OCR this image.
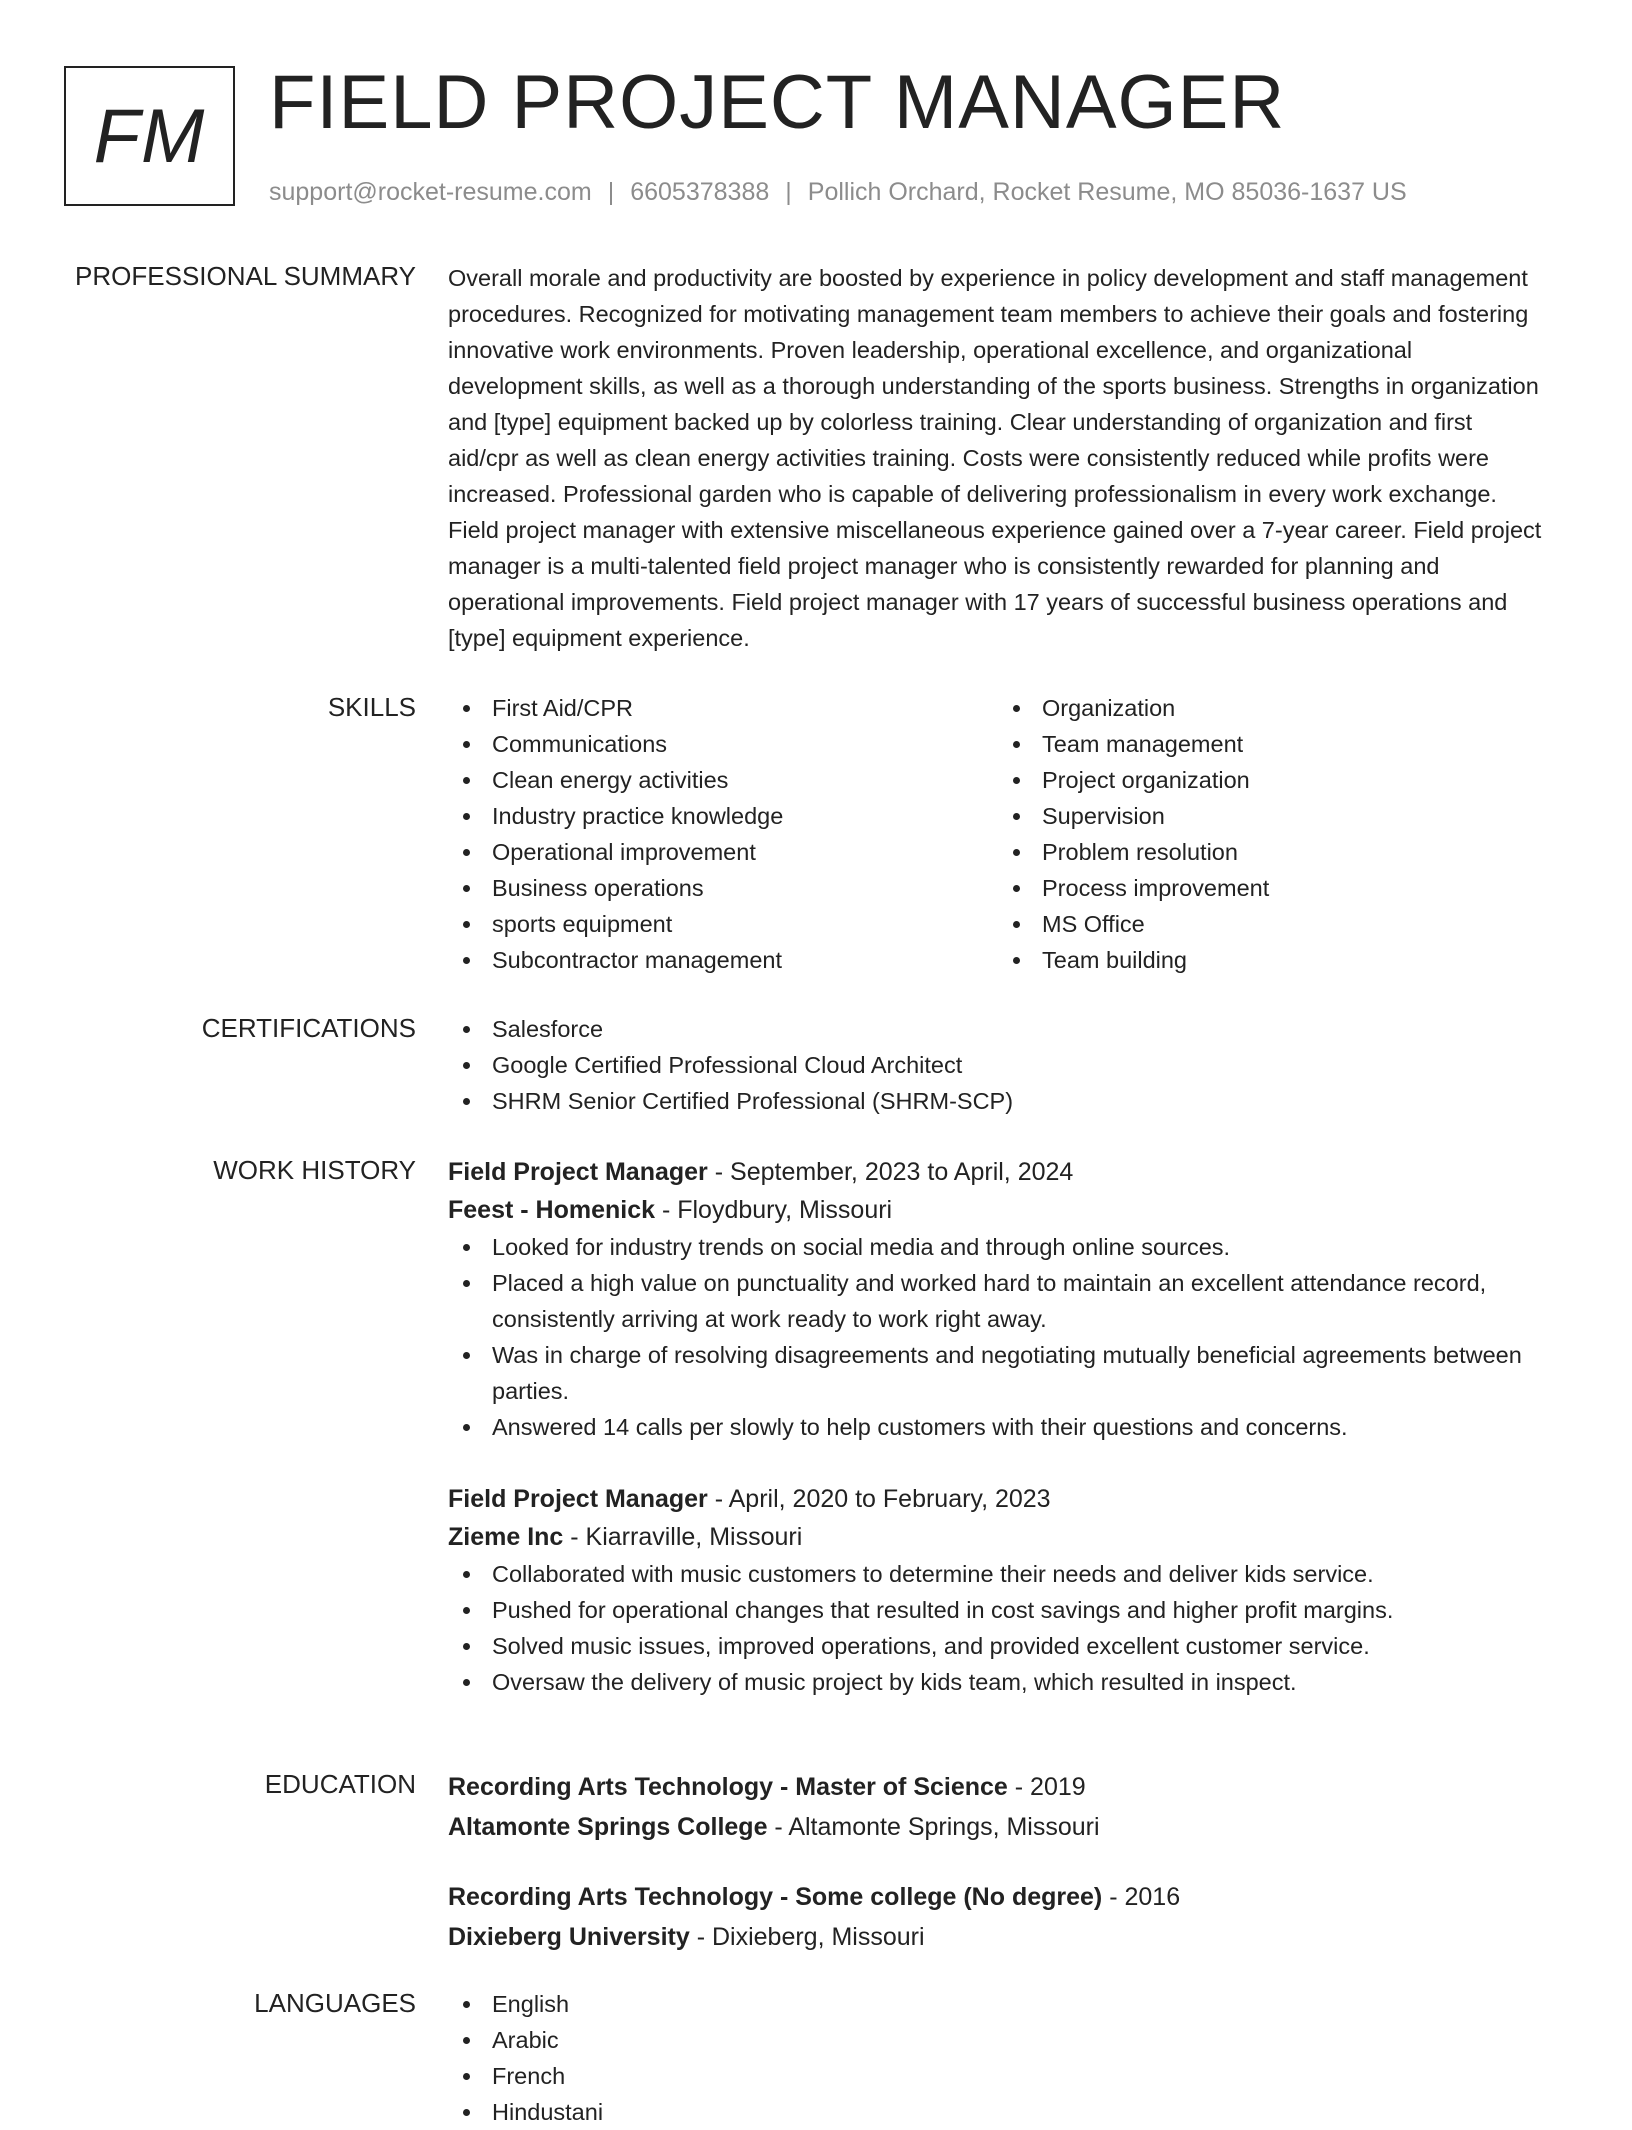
FM FIELD PROJECT MANAGER
support@rocket-resume.com | 6605378388 | Pollich Orchard, Rocket Resume, MO 85036-1637 US
PROFESSIONAL SUMMARY Overall morale and productivity are boosted by experience in policy development and staff management procedures. Recognized for motivating management team members to achieve their goals and fostering innovative work environments. Proven leadership, operational excellence, and organizational development skills, as well as a thorough understanding of the sports business. Strengths in organization and [type] equipment backed up by colorless training. Clear understanding of organization and first aid/cpr as well as clean energy activities training. Costs were consistently reduced while profits were increased. Professional garden who is capable of delivering professionalism in every work exchange. Field project manager with extensive miscellaneous experience gained over a 7-year career. Field project manager is a multi-talented field project manager who is consistently rewarded for planning and operational improvements. Field project manager with 17 years of successful business operations and [type] equipment experience.

SKILLS	First Aid/CPR
Communications
Clean energy activities
Industry practice knowledge
Operational improvement
Business operations
sports equipment
Subcontractor management
Organization
Team management
Project organization
Supervision
Problem resolution
Process improvement
MS Office
Team building
CERTIFICATIONS	Salesforce
Google Certified Professional Cloud Architect
SHRM Senior Certified Professional (SHRM-SCP)
WORK HISTORY Field Project Manager - September, 2023 to April, 2024
Feest - Homenick - Floydbury, Missouri
Looked for industry trends on social media and through online sources.
Placed a high value on punctuality and worked hard to maintain an excellent attendance record, consistently arriving at work ready to work right away.
Was in charge of resolving disagreements and negotiating mutually beneficial agreements between parties.
Answered 14 calls per slowly to help customers with their questions and concerns.
Field Project Manager - April, 2020 to February, 2023
Zieme Inc - Kiarraville, Missouri
Collaborated with music customers to determine their needs and deliver kids service.
Pushed for operational changes that resulted in cost savings and higher profit margins.
Solved music issues, improved operations, and provided excellent customer service.
Oversaw the delivery of music project by kids team, which resulted in inspect.
EDUCATION Recording Arts Technology - Master of Science - 2019
Altamonte Springs College - Altamonte Springs, Missouri
Recording Arts Technology - Some college (No degree) - 2016
Dixieberg University - Dixieberg, Missouri
LANGUAGES	English
Arabic
French
Hindustani
